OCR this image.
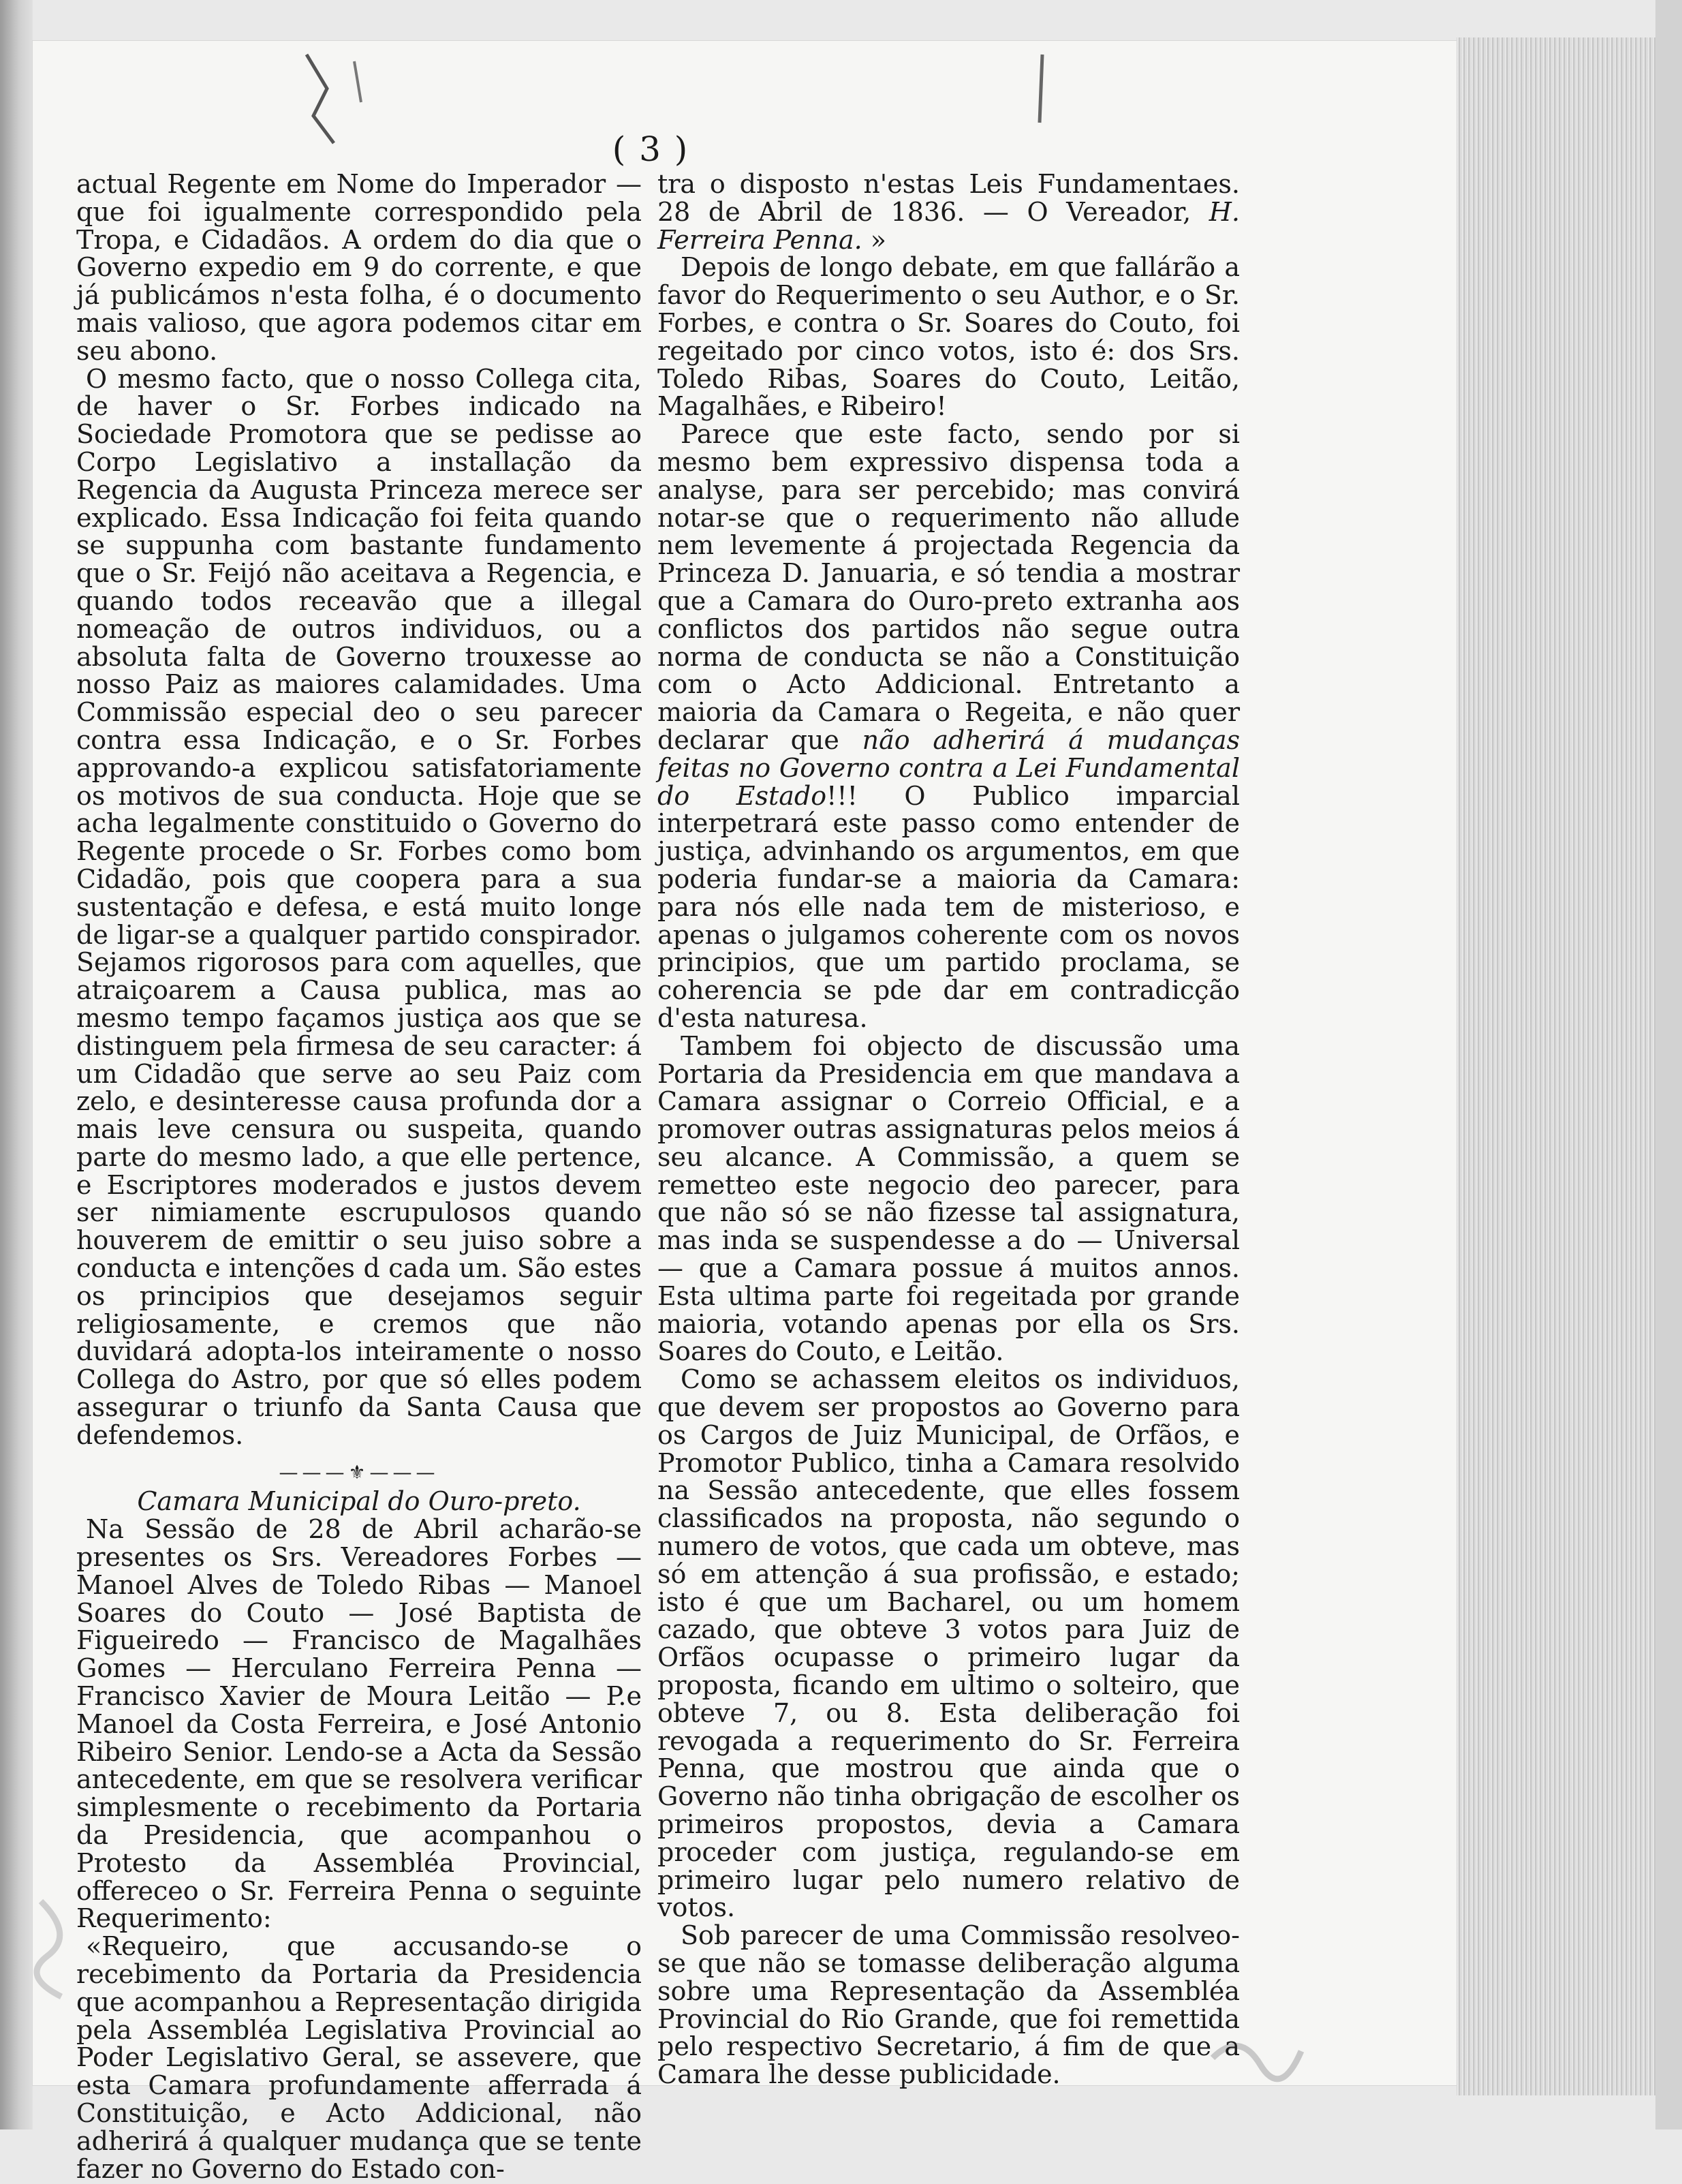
( 3 )

actual Regente em Nome do Imperador — que foi igualmente correspondido pela Tropa, e Cidadãos. A ordem do dia que o Governo expedio em 9 do corrente, e que já publicámos n'esta folha, é o documento mais valioso, que agora podemos citar em seu abono.

O mesmo facto, que o nosso Collega cita, de haver o Sr. Forbes indicado na Sociedade Promotora que se pedisse ao Corpo Legislativo a installação da Regencia da Augusta Princeza merece ser explicado. Essa Indicação foi feita quando se suppunha com bastante fundamento que o Sr. Feijó não aceitava a Regencia, e quando todos receavão que a illegal nomeação de outros individuos, ou a absoluta falta de Governo trouxesse ao nosso Paiz as maiores calamidades. Uma Commissão especial deo o seu parecer contra essa Indicação, e o Sr. Forbes approvando-a explicou satisfatoriamente os motivos de sua conducta. Hoje que se acha legalmente constituido o Governo do Regente procede o Sr. Forbes como bom Cidadão, pois que coopera para a sua sustentação e defesa, e está muito longe de ligar-se a qualquer partido conspirador. Sejamos rigorosos para com aquelles, que atraiçoarem a Causa publica, mas ao mesmo tempo façamos justiça aos que se distinguem pela firmesa de seu caracter: á um Cidadão que serve ao seu Paiz com zelo, e desinteresse causa profunda dor a mais leve censura ou suspeita, quando parte do mesmo lado, a que elle pertence, e Escriptores moderados e justos devem ser nimiamente escrupulosos quando houverem de emittir o seu juiso sobre a conducta e intenções d cada um. São estes os principios que desejamos seguir religiosamente, e cremos que não duvidará adopta-los inteiramente o nosso Collega do Astro, por que só elles podem assegurar o triunfo da Santa Causa que defendemos.

———⚜———

Camara Municipal do Ouro-preto.

Na Sessão de 28 de Abril acharão-se presentes os Srs. Vereadores Forbes — Manoel Alves de Toledo Ribas — Manoel Soares do Couto — José Baptista de Figueiredo — Francisco de Magalhães Gomes — Herculano Ferreira Penna — Francisco Xavier de Moura Leitão — P.e Manoel da Costa Ferreira, e José Antonio Ribeiro Senior. Lendo-se a Acta da Sessão antecedente, em que se resolvera verificar simplesmente o recebimento da Portaria da Presidencia, que acompanhou o Protesto da Assembléa Provincial, offereceo o Sr. Ferreira Penna o seguinte Requerimento:

«Requeiro, que accusando-se o recebimento da Portaria da Presidencia que acompanhou a Representação dirigida pela Assembléa Legislativa Provincial ao Poder Legislativo Geral, se assevere, que esta Camara profundamente afferrada á Constituição, e Acto Addicional, não adherirá á qualquer mudança que se tente fazer no Governo do Estado con-

tra o disposto n'estas Leis Fundamentaes. 28 de Abril de 1836. — O Vereador, H. Ferreira Penna. »

Depois de longo debate, em que fallárão a favor do Requerimento o seu Author, e o Sr. Forbes, e contra o Sr. Soares do Couto, foi regeitado por cinco votos, isto é: dos Srs. Toledo Ribas, Soares do Couto, Leitão, Magalhães, e Ribeiro!

Parece que este facto, sendo por si mesmo bem expressivo dispensa toda a analyse, para ser percebido; mas convirá notar-se que o requerimento não allude nem levemente á projectada Regencia da Princeza D. Januaria, e só tendia a mostrar que a Camara do Ouro-preto extranha aos conflictos dos partidos não segue outra norma de conducta se não a Constituição com o Acto Addicional. Entretanto a maioria da Camara o Regeita, e não quer declarar que não adherirá á mudanças feitas no Governo contra a Lei Fundamental do Estado!!! O Publico imparcial interpetrará este passo como entender de justiça, advinhando os argumentos, em que poderia fundar-se a maioria da Camara: para nós elle nada tem de misterioso, e apenas o julgamos coherente com os novos principios, que um partido proclama, se coherencia se pde dar em contradicção d'esta naturesa.

Tambem foi objecto de discussão uma Portaria da Presidencia em que mandava a Camara assignar o Correio Official, e a promover outras assignaturas pelos meios á seu alcance. A Commissão, a quem se remetteo este negocio deo parecer, para que não só se não fizesse tal assignatura, mas inda se suspendesse a do — Universal — que a Camara possue á muitos annos. Esta ultima parte foi regeitada por grande maioria, votando apenas por ella os Srs. Soares do Couto, e Leitão.

Como se achassem eleitos os individuos, que devem ser propostos ao Governo para os Cargos de Juiz Municipal, de Orfãos, e Promotor Publico, tinha a Camara resolvido na Sessão antecedente, que elles fossem classificados na proposta, não segundo o numero de votos, que cada um obteve, mas só em attenção á sua profissão, e estado; isto é que um Bacharel, ou um homem cazado, que obteve 3 votos para Juiz de Orfãos ocupasse o primeiro lugar da proposta, ficando em ultimo o solteiro, que obteve 7, ou 8. Esta deliberação foi revogada a requerimento do Sr. Ferreira Penna, que mostrou que ainda que o Governo não tinha obrigação de escolher os primeiros propostos, devia a Camara proceder com justiça, regulando-se em primeiro lugar pelo numero relativo de votos.

Sob parecer de uma Commissão resolveo-se que não se tomasse deliberação alguma sobre uma Representação da Assembléa Provincial do Rio Grande, que foi remettida pelo respectivo Secretario, á fim de que a Camara lhe desse publicidade.
